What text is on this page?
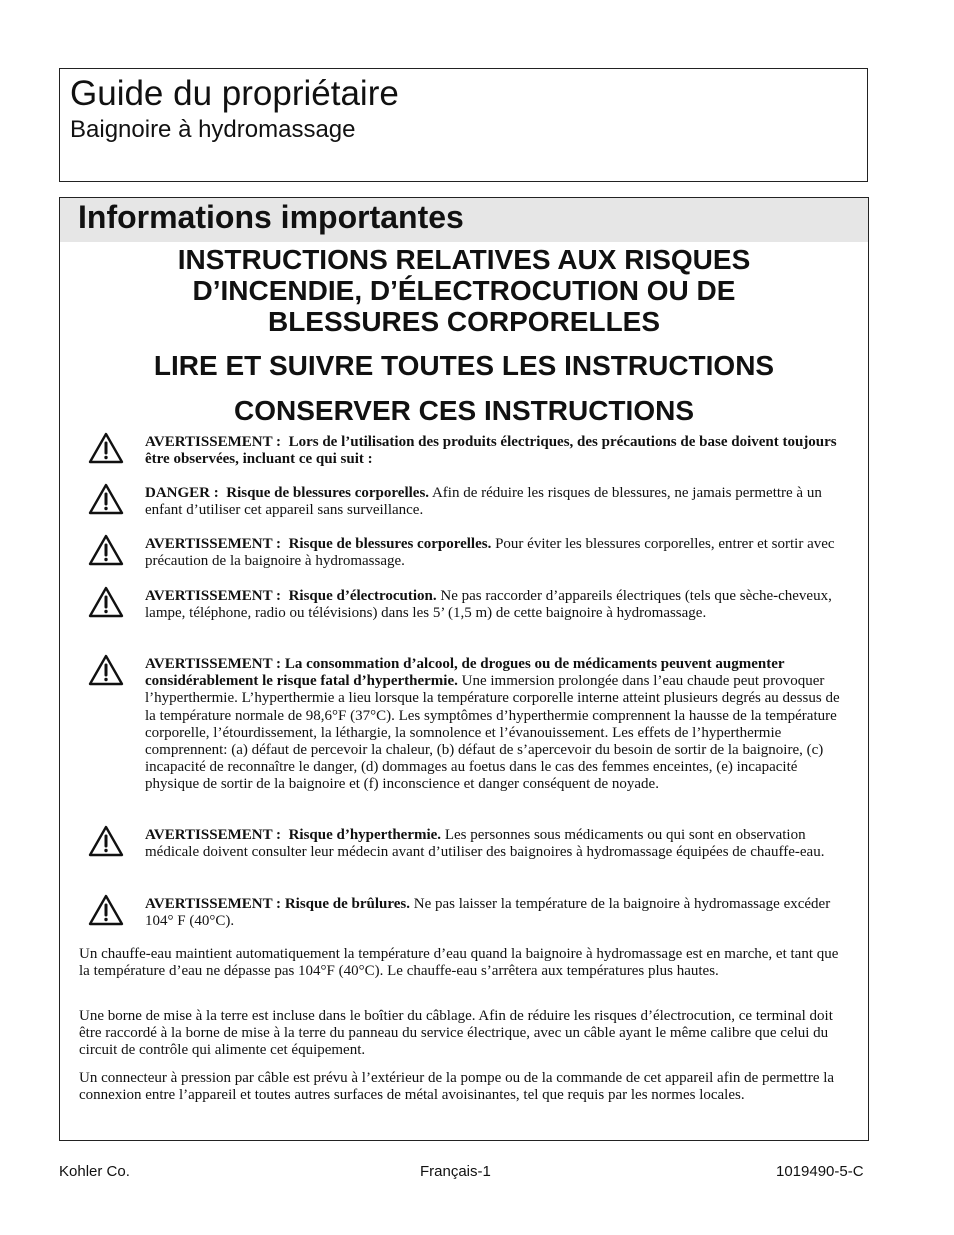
Guide du propriétaire
Baignoire à hydromassage
Informations importantes
INSTRUCTIONS RELATIVES AUX RISQUES
D’INCENDIE, D’ÉLECTROCUTION OU DE
BLESSURES CORPORELLES
LIRE ET SUIVRE TOUTES LES INSTRUCTIONS
CONSERVER CES INSTRUCTIONS
AVERTISSEMENT : Lors de l’utilisation des produits électriques, des précautions de base doivent toujours être observées, incluant ce qui suit :
DANGER : Risque de blessures corporelles. Afin de réduire les risques de blessures, ne jamais permettre à un enfant d’utiliser cet appareil sans surveillance.
AVERTISSEMENT : Risque de blessures corporelles. Pour éviter les blessures corporelles, entrer et sortir avec précaution de la baignoire à hydromassage.
AVERTISSEMENT : Risque d’électrocution. Ne pas raccorder d’appareils électriques (tels que sèche-cheveux, lampe, téléphone, radio ou télévisions) dans les 5’ (1,5 m) de cette baignoire à hydromassage.
AVERTISSEMENT : La consommation d’alcool, de drogues ou de médicaments peuvent augmenter considérablement le risque fatal d’hyperthermie. Une immersion prolongée dans l’eau chaude peut provoquer l’hyperthermie. L’hyperthermie a lieu lorsque la température corporelle interne atteint plusieurs degrés au dessus de la température normale de 98,6°F (37°C). Les symptômes d’hyperthermie comprennent la hausse de la température corporelle, l’étourdissement, la léthargie, la somnolence et l’évanouissement. Les effets de l’hyperthermie comprennent: (a) défaut de percevoir la chaleur, (b) défaut de s’apercevoir du besoin de sortir de la baignoire, (c) incapacité de reconnaître le danger, (d) dommages au foetus dans le cas des femmes enceintes, (e) incapacité physique de sortir de la baignoire et (f) inconscience et danger conséquent de noyade.
AVERTISSEMENT : Risque d’hyperthermie. Les personnes sous médicaments ou qui sont en observation médicale doivent consulter leur médecin avant d’utiliser des baignoires à hydromassage équipées de chauffe-eau.
AVERTISSEMENT : Risque de brûlures. Ne pas laisser la température de la baignoire à hydromassage excéder 104° F (40°C).
Un chauffe-eau maintient automatiquement la température d’eau quand la baignoire à hydromassage est en marche, et tant que la température d’eau ne dépasse pas 104°F (40°C). Le chauffe-eau s’arrêtera aux températures plus hautes.
Une borne de mise à la terre est incluse dans le boîtier du câblage. Afin de réduire les risques d’électrocution, ce terminal doit être raccordé à la borne de mise à la terre du panneau du service électrique, avec un câble ayant le même calibre que celui du circuit de contrôle qui alimente cet équipement.
Un connecteur à pression par câble est prévu à l’extérieur de la pompe ou de la commande de cet appareil afin de permettre la connexion entre l’appareil et toutes autres surfaces de métal avoisinantes, tel que requis par les normes locales.
Kohler Co.	Français-1	1019490-5-C
